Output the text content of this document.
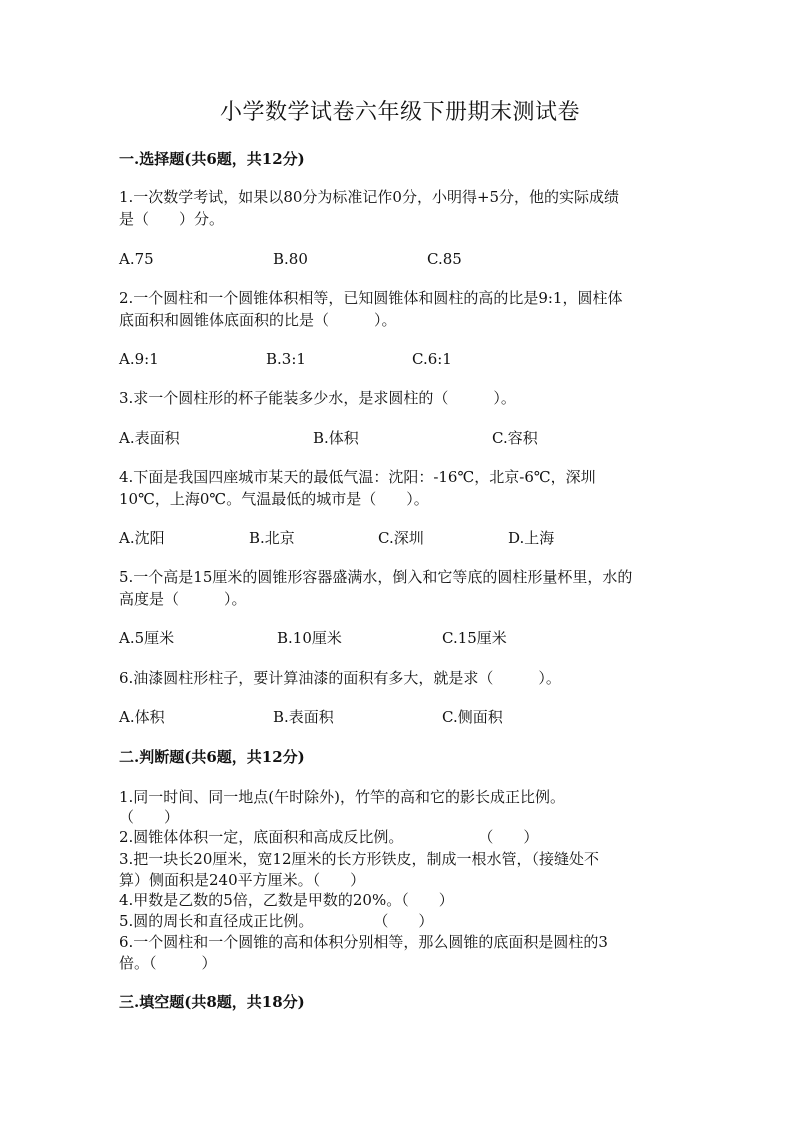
小学数学试卷六年级下册期末测试卷
一.选择题(共6题，共12分)
1.一次数学考试，如果以80分为标准记作0分，小明得+5分，他的实际成绩
是（　　）分。
A.75	B.80	C.85
2.一个圆柱和一个圆锥体积相等，已知圆锥体和圆柱的高的比是9:1，圆柱体
底面积和圆锥体底面积的比是（　　　）。
A.9:1	B.3:1	C.6:1
3.求一个圆柱形的杯子能装多少水，是求圆柱的（　　　）。
A.表面积	B.体积	C.容积
4.下面是我国四座城市某天的最低气温：沈阳：-16℃，北京-6℃，深圳
10℃，上海0℃。气温最低的城市是（　　）。
A.沈阳	B.北京	C.深圳	D.上海
5.一个高是15厘米的圆锥形容器盛满水，倒入和它等底的圆柱形量杯里，水的
高度是（　　　）。
A.5厘米	B.10厘米	C.15厘米
6.油漆圆柱形柱子，要计算油漆的面积有多大，就是求（　　　）。
A.体积	B.表面积	C.侧面积
二.判断题(共6题，共12分)
1.同一时间、同一地点(午时除外)，竹竿的高和它的影长成正比例。
（　　）
2.圆锥体体积一定，底面积和高成反比例。　　　　　　（　　）
3.把一块长20厘米，宽12厘米的长方形铁皮，制成一根水管，（接缝处不
算）侧面积是240平方厘米。（　　）
4.甲数是乙数的5倍，乙数是甲数的20%。（　　）
5.圆的周长和直径成正比例。　　　　　（　　）
6.一个圆柱和一个圆锥的高和体积分别相等，那么圆锥的底面积是圆柱的3
倍。（　　　）
三.填空题(共8题，共18分)
